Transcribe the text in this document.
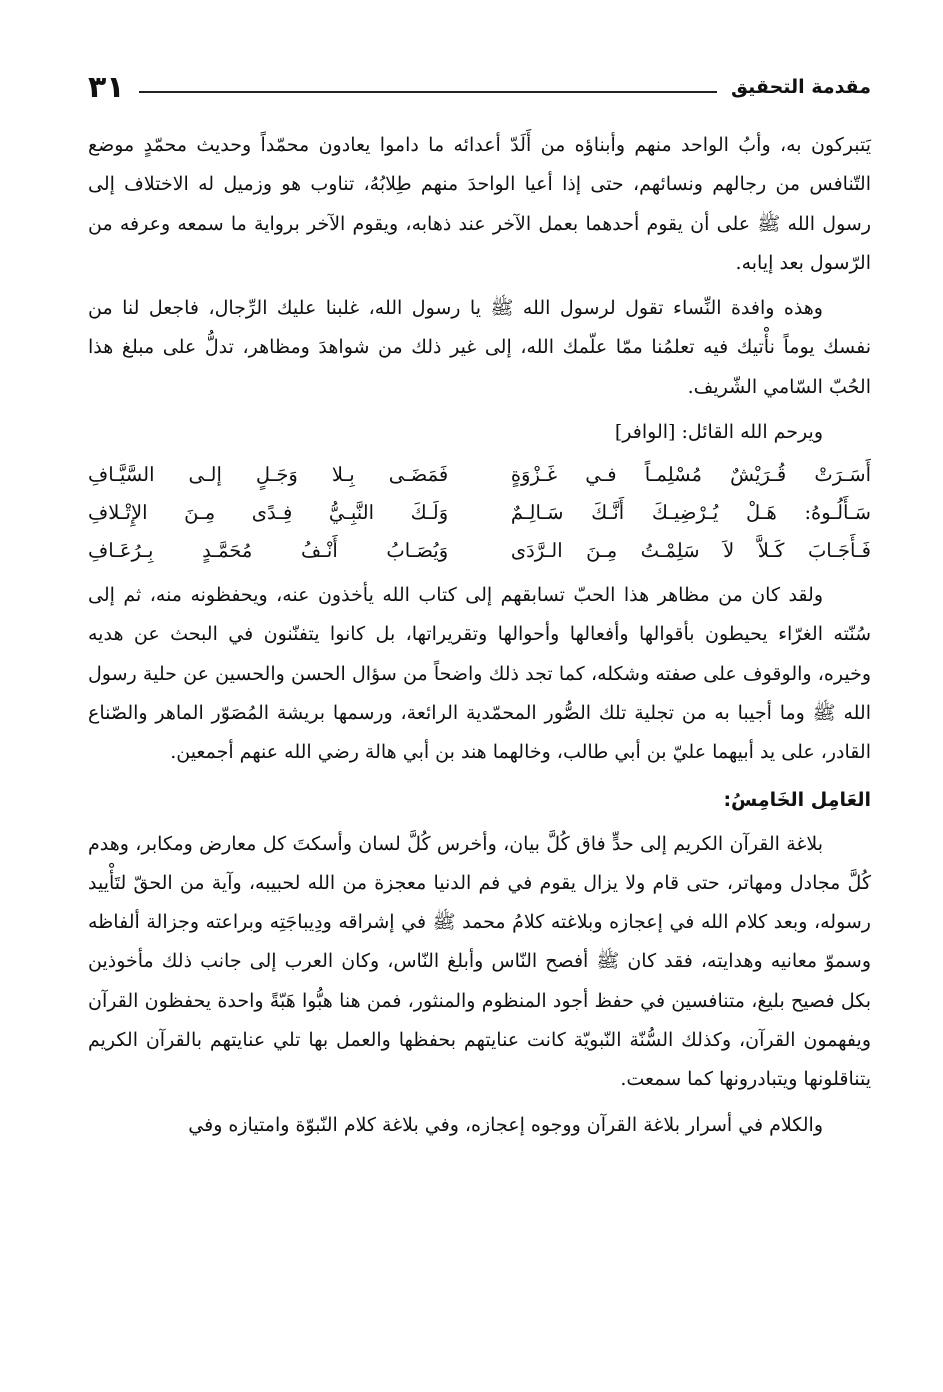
مقدمة التحقيق
٣١

يَتبركون به، وأبُ الواحد منهم وأبناؤه من أَلَدّ أعدائه ما داموا يعادون محمّداً وحديث محمّدٍ موضع التّنافس من رجالهم ونسائهم، حتى إذا أعيا الواحدَ منهم طِلابُهُ، تناوب هو وزميل له الاختلاف إلى رسول الله ﷺ على أن يقوم أحدهما بعمل الآخر عند ذهابه، ويقوم الآخر برواية ما سمعه وعرفه من الرّسول بعد إيابه.

وهذه وافدة النِّساء تقول لرسول الله ﷺ يا رسول الله، غلبنا عليك الرِّجال، فاجعل لنا من نفسك يوماً نأْتيك فيه تعلمُنا ممّا علّمك الله، إلى غير ذلك من شواهدَ ومظاهر، تدلُّ على مبلغ هذا الحُبّ السّامي الشّريف.

ويرحم الله القائل: [الوافر]

أَسَـرَتْ قُـرَيْشٌ مُسْلِمـاً فـي غَـزْوَةٍ
فَمَضَـى بِـلا وَجَـلٍ إلـى السَّيَّـافِ
سَـأَلُـوهُ: هَـلْ يُـرْضِيـكَ أَنَّـكَ سَـالِـمٌ
وَلَـكَ النَّبِـيُّ فِـدًى مِـنَ الإِتْـلافِ
فَـأَجَـابَ كَـلاَّ لاَ سَلِمْـتُ مِـنَ الـرَّدَى
وَيُصَـابُ أَنْـفُ مُحَمَّـدٍ بِـرُعَـافِ

ولقد كان من مظاهر هذا الحبّ تسابقهم إلى كتاب الله يأخذون عنه، ويحفظونه منه، ثم إلى سُنّته الغرّاء يحيطون بأقوالها وأفعالها وأحوالها وتقريراتها، بل كانوا يتفنّنون في البحث عن هديه وخيره، والوقوف على صفته وشكله، كما تجد ذلك واضحاً من سؤال الحسن والحسين عن حلية رسول الله ﷺ وما أجيبا به من تجلية تلك الصُّور المحمّدية الرائعة، ورسمها بريشة المُصَوّر الماهر والصّناع القادر، على يد أبيهما عليّ بن أبي طالب، وخالهما هند بن أبي هالة رضي الله عنهم أجمعين.

العَامِل الخَامِسُ:

بلاغة القرآن الكريم إلى حدٍّ فاق كُلَّ بيان، وأخرس كُلَّ لسان وأسكتَ كل معارض ومكابر، وهدم كُلَّ مجادل ومهاتر، حتى قام ولا يزال يقوم في فم الدنيا معجزة من الله لحبيبه، وآية من الحقّ لتَأْييد رسوله، وبعد كلام الله في إعجازه وبلاغته كلامُ محمد ﷺ في إشراقه ودِيباجَتِه وبراعته وجزالة ألفاظه وسموّ معانيه وهدايته، فقد كان ﷺ أفصح النّاس وأبلغ النّاس، وكان العرب إلى جانب ذلك مأخوذين بكل فصيح بليغ، متنافسين في حفظ أجود المنظوم والمنثور، فمن هنا هبُّوا هَبّةً واحدة يحفظون القرآن ويفهمون القرآن، وكذلك السُّنّة النّبويّة كانت عنايتهم بحفظها والعمل بها تلي عنايتهم بالقرآن الكريم يتناقلونها ويتبادرونها كما سمعت.

والكلام في أسرار بلاغة القرآن ووجوه إعجازه، وفي بلاغة كلام النّبوّة وامتيازه وفي
